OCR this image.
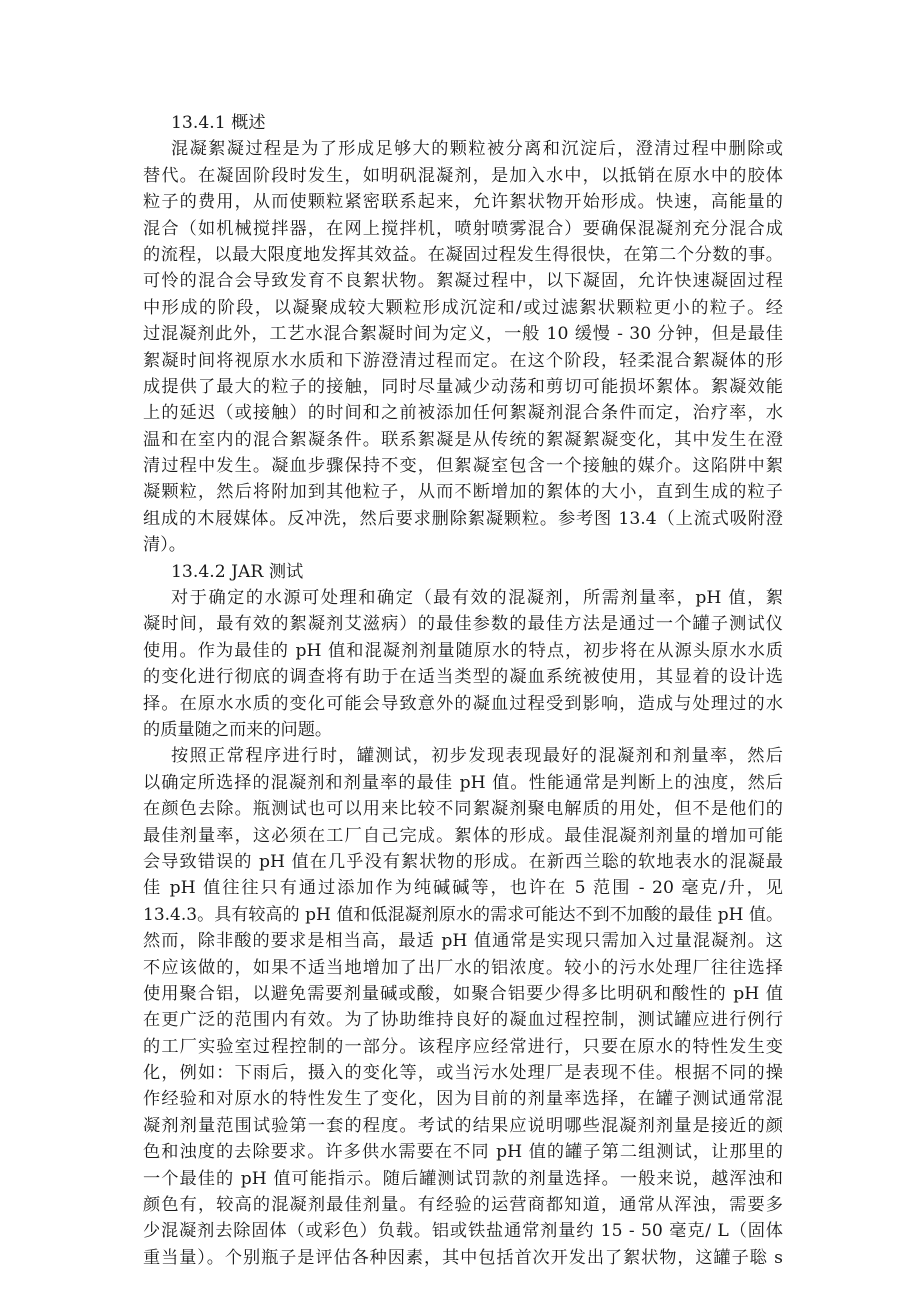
13.4.1 概述
混凝絮凝过程是为了形成足够大的颗粒被分离和沉淀后，澄清过程中删除或
替代。在凝固阶段时发生，如明矾混凝剂，是加入水中，以抵销在原水中的胶体
粒子的费用，从而使颗粒紧密联系起来，允许絮状物开始形成。快速，高能量的
混合（如机械搅拌器，在网上搅拌机，喷射喷雾混合）要确保混凝剂充分混合成
的流程，以最大限度地发挥其效益。在凝固过程发生得很快，在第二个分数的事。
可怜的混合会导致发育不良絮状物。絮凝过程中，以下凝固，允许快速凝固过程
中形成的阶段，以凝聚成较大颗粒形成沉淀和/或过滤絮状颗粒更小的粒子。经
过混凝剂此外，工艺水混合絮凝时间为定义，一般 10 缓慢 - 30 分钟，但是最佳
絮凝时间将视原水水质和下游澄清过程而定。在这个阶段，轻柔混合絮凝体的形
成提供了最大的粒子的接触，同时尽量减少动荡和剪切可能损坏絮体。絮凝效能
上的延迟（或接触）的时间和之前被添加任何絮凝剂混合条件而定，治疗率，水
温和在室内的混合絮凝条件。联系絮凝是从传统的絮凝絮凝变化，其中发生在澄
清过程中发生。凝血步骤保持不变，但絮凝室包含一个接触的媒介。这陷阱中絮
凝颗粒，然后将附加到其他粒子，从而不断增加的絮体的大小，直到生成的粒子
组成的木屐媒体。反冲洗，然后要求删除絮凝颗粒。参考图 13.4（上流式吸附澄
清）。
13.4.2 JAR 测试
对于确定的水源可处理和确定（最有效的混凝剂，所需剂量率，pH 值，絮
凝时间，最有效的絮凝剂艾滋病）的最佳参数的最佳方法是通过一个罐子测试仪
使用。作为最佳的 pH 值和混凝剂剂量随原水的特点，初步将在从源头原水水质
的变化进行彻底的调查将有助于在适当类型的凝血系统被使用，其显着的设计选
择。在原水水质的变化可能会导致意外的凝血过程受到影响，造成与处理过的水
的质量随之而来的问题。
按照正常程序进行时，罐测试，初步发现表现最好的混凝剂和剂量率，然后
以确定所选择的混凝剂和剂量率的最佳 pH 值。性能通常是判断上的浊度，然后
在颜色去除。瓶测试也可以用来比较不同絮凝剂聚电解质的用处，但不是他们的
最佳剂量率，这必须在工厂自己完成。絮体的形成。最佳混凝剂剂量的增加可能
会导致错误的 pH 值在几乎没有絮状物的形成。在新西兰聡的软地表水的混凝最
佳 pH 值往往只有通过添加作为纯碱碱等，也许在 5 范围 - 20 毫克/升，见
13.4.3。具有较高的 pH 值和低混凝剂原水的需求可能达不到不加酸的最佳 pH 值。
然而，除非酸的要求是相当高，最适 pH 值通常是实现只需加入过量混凝剂。这
不应该做的，如果不适当地增加了出厂水的铝浓度。较小的污水处理厂往往选择
使用聚合铝，以避免需要剂量碱或酸，如聚合铝要少得多比明矾和酸性的 pH 值
在更广泛的范围内有效。为了协助维持良好的凝血过程控制，测试罐应进行例行
的工厂实验室过程控制的一部分。该程序应经常进行，只要在原水的特性发生变
化，例如：下雨后，摄入的变化等，或当污水处理厂是表现不佳。根据不同的操
作经验和对原水的特性发生了变化，因为目前的剂量率选择，在罐子测试通常混
凝剂剂量范围试验第一套的程度。考试的结果应说明哪些混凝剂剂量是接近的颜
色和浊度的去除要求。许多供水需要在不同 pH 值的罐子第二组测试，让那里的
一个最佳的 pH 值可能指示。随后罐测试罚款的剂量选择。一般来说，越浑浊和
颜色有，较高的混凝剂最佳剂量。有经验的运营商都知道，通常从浑浊，需要多
少混凝剂去除固体（或彩色）负载。铝或铁盐通常剂量约 15 - 50 毫克/ L（固体
重当量）。个别瓶子是评估各种因素，其中包括首次开发出了絮状物，这罐子聡 s
